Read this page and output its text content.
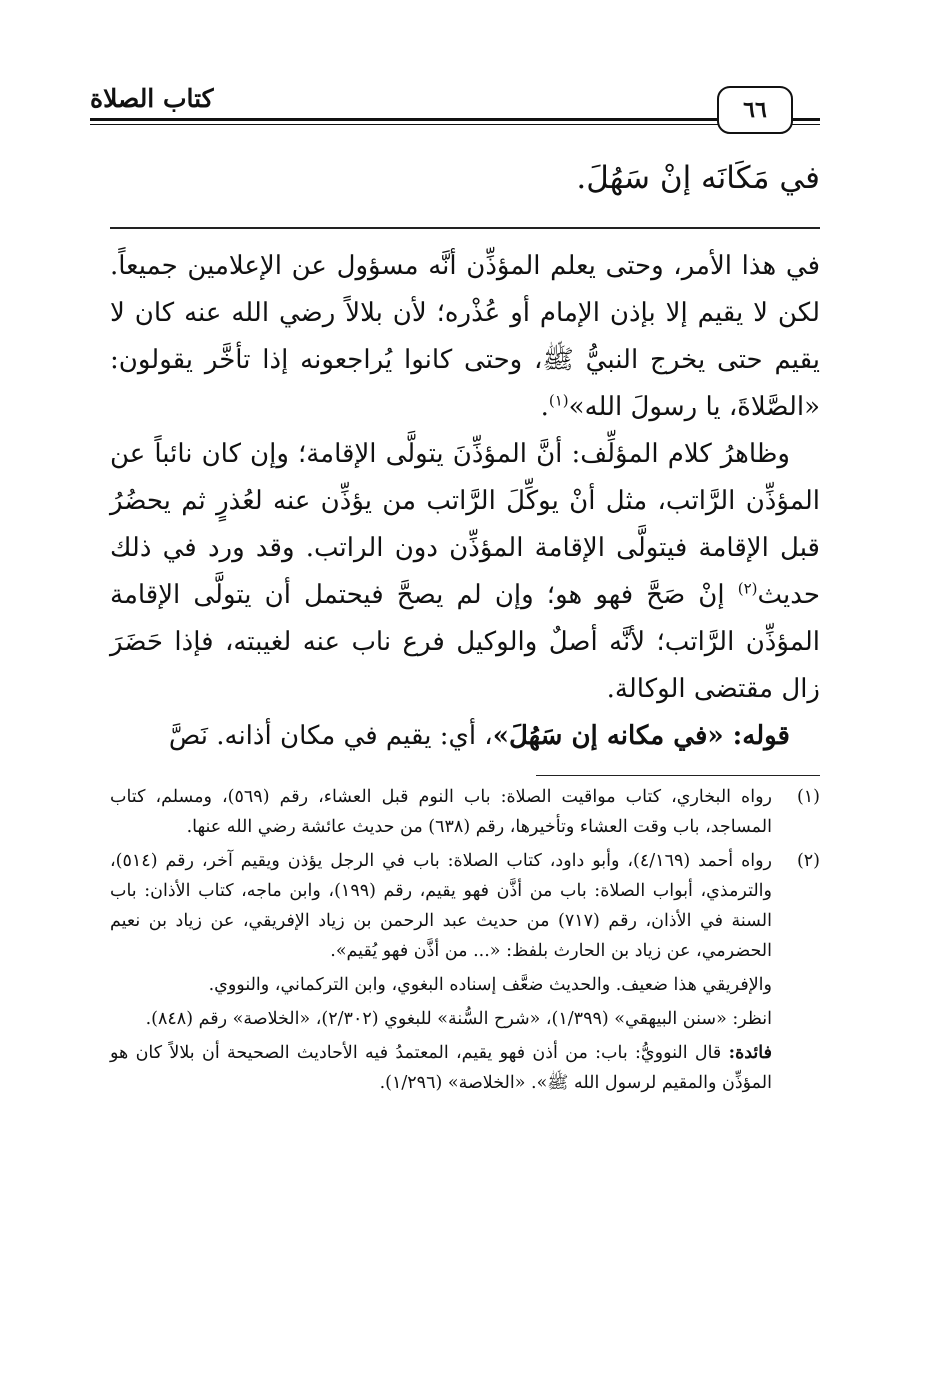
كتاب الصلاة	٦٦
في مَكَانَه إنْ سَهُلَ.

في هذا الأمر، وحتى يعلم المؤذِّن أنَّه مسؤول عن الإعلامين جميعاً. لكن لا يقيم إلا بإذن الإمام أو عُذْره؛ لأن بلالاً رضي الله عنه كان لا يقيم حتى يخرج النبيُّ ﷺ، وحتى كانوا يُراجعونه إذا تأخَّر يقولون: «الصَّلاةَ، يا رسولَ الله»$^{(١)}$.

وظاهرُ كلام المؤلِّف: أنَّ المؤذِّنَ يتولَّى الإقامة؛ وإن كان نائباً عن المؤذِّن الرَّاتب، مثل أنْ يوكِّلَ الرَّاتب من يؤذِّن عنه لعُذرٍ ثم يحضُرُ قبل الإقامة فيتولَّى الإقامة المؤذِّن دون الراتب. وقد ورد في ذلك حديث$^{(٢)}$ إنْ صَحَّ فهو هو؛ وإن لم يصحَّ فيحتمل أن يتولَّى الإقامة المؤذِّن الرَّاتب؛ لأنَّه أصلٌ والوكيل فرع ناب عنه لغيبته، فإذا حَضَرَ زال مقتضى الوكالة.

قوله: «في مكانه إن سَهُلَ»، أي: يقيم في مكان أذانه. نَصَّ

(١)
رواه البخاري، كتاب مواقيت الصلاة: باب النوم قبل العشاء، رقم (٥٦٩)، ومسلم، كتاب المساجد، باب وقت العشاء وتأخيرها، رقم (٦٣٨) من حديث عائشة رضي الله عنها.
(٢)
رواه أحمد (٤/١٦٩)، وأبو داود، كتاب الصلاة: باب في الرجل يؤذن ويقيم آخر، رقم (٥١٤)، والترمذي، أبواب الصلاة: باب من أذَّن فهو يقيم، رقم (١٩٩)، وابن ماجه، كتاب الأذان: باب السنة في الأذان، رقم (٧١٧) من حديث عبد الرحمن بن زياد الإفريقي، عن زياد بن نعيم الحضرمي، عن زياد بن الحارث بلفظ: «... من أذَّن فهو يُقيم».

والإفريقي هذا ضعيف. والحديث ضعَّف إسناده البغوي، وابن التركماني، والنووي.

انظر: «سنن البيهقي» (١/٣٩٩)، «شرح السُّنة» للبغوي (٢/٣٠٢)، «الخلاصة» رقم (٨٤٨).

فائدة: قال النوويُّ: باب: من أذن فهو يقيم، المعتمدُ فيه الأحاديث الصحيحة أن بلالاً كان هو المؤذِّن والمقيم لرسول الله ﷺ». «الخلاصة» (١/٢٩٦).
